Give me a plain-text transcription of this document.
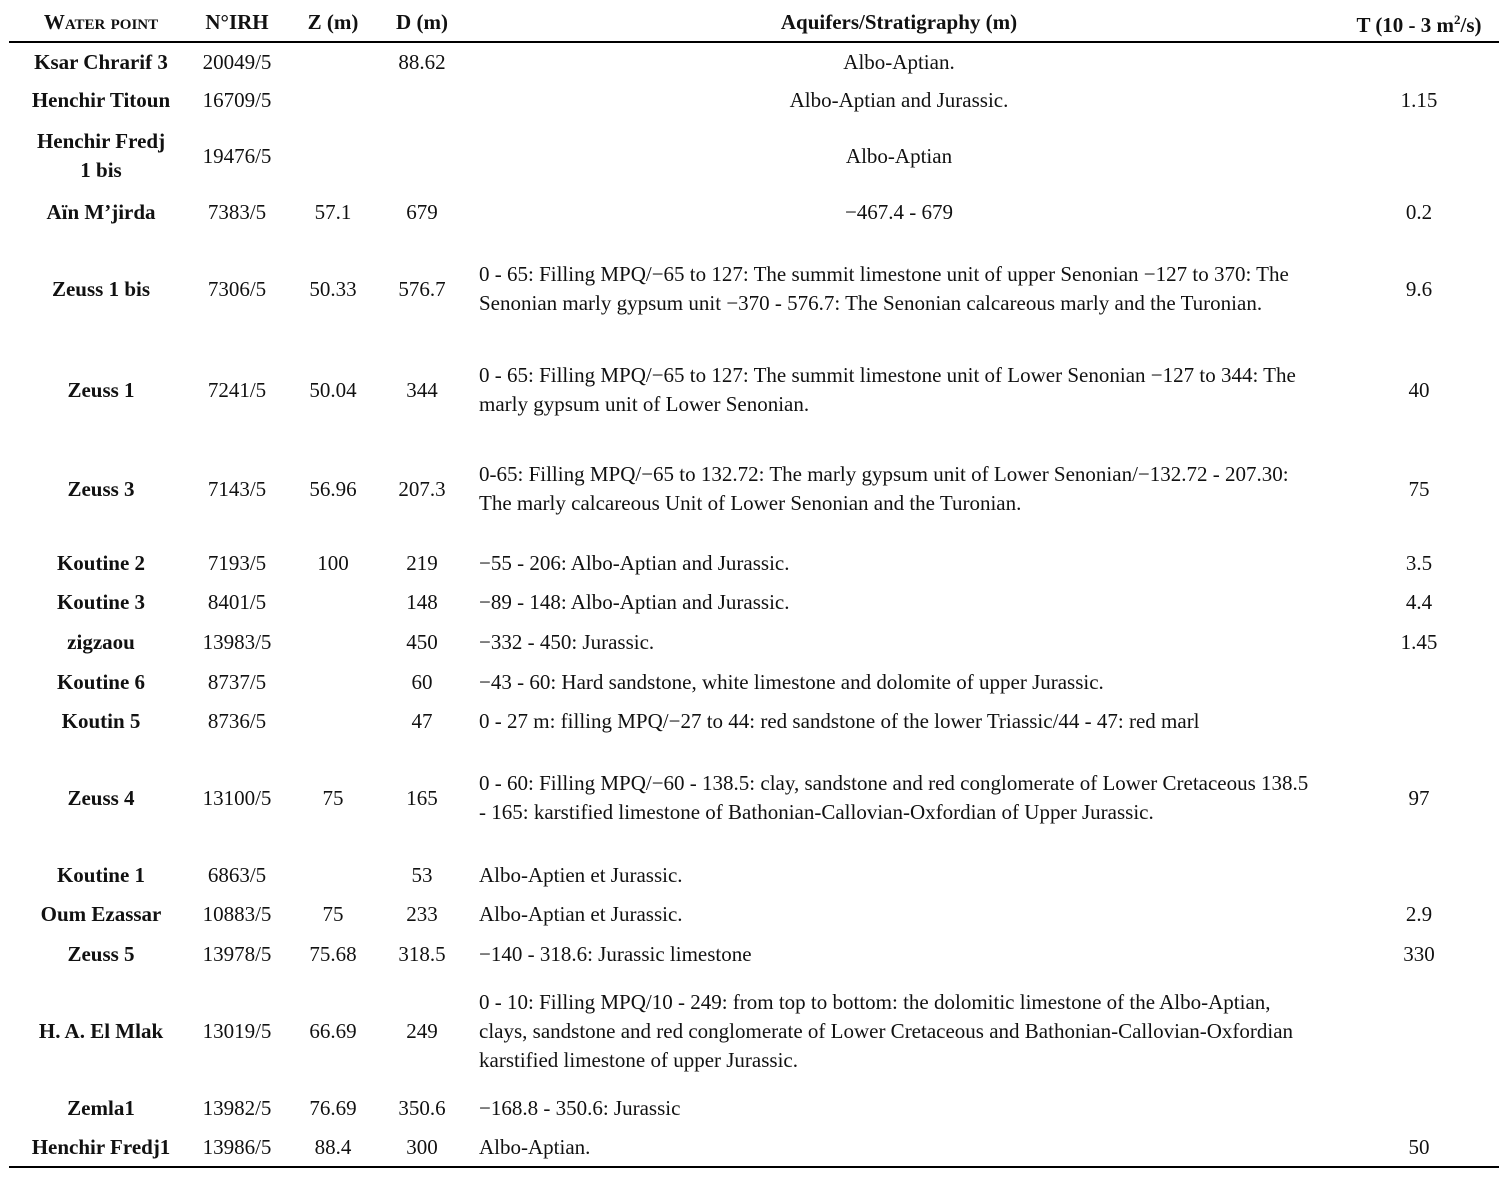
Water point	N°IRH	Z (m)	D (m)	Aquifers/Stratigraphy (m)	T (10 - 3 $m^2/s$)
Ksar Chrarif 3	20049/5		88.62	Albo-Aptian.	
Henchir Titoun	16709/5			Albo-Aptian and Jurassic.	1.15
Henchir Fredj 1 bis	19476/5			Albo-Aptian	
Aïn M’jirda	7383/5	57.1	679	−467.4 - 679	0.2
Zeuss 1 bis	7306/5	50.33	576.7	0 - 65: Filling MPQ/−65 to 127: The summit limestone unit of upper Senonian −127 to 370: The Senonian marly gypsum unit −370 - 576.7: The Senonian calcareous marly and the Turonian.	9.6
Zeuss 1	7241/5	50.04	344	0 - 65: Filling MPQ/−65 to 127: The summit limestone unit of Lower Senonian −127 to 344: The marly gypsum unit of Lower Senonian.	40
Zeuss 3	7143/5	56.96	207.3	0-65: Filling MPQ/−65 to 132.72: The marly gypsum unit of Lower Senonian/−132.72 - 207.30: The marly calcareous Unit of Lower Senonian and the Turonian.	75
Koutine 2	7193/5	100	219	−55 - 206: Albo-Aptian and Jurassic.	3.5
Koutine 3	8401/5		148	−89 - 148: Albo-Aptian and Jurassic.	4.4
zigzaou	13983/5		450	−332 - 450: Jurassic.	1.45
Koutine 6	8737/5		60	−43 - 60: Hard sandstone, white limestone and dolomite of upper Jurassic.	
Koutin 5	8736/5		47	0 - 27 m: filling MPQ/−27 to 44: red sandstone of the lower Triassic/44 - 47: red marl	
Zeuss 4	13100/5	75	165	0 - 60: Filling MPQ/−60 - 138.5: clay, sandstone and red conglomerate of Lower Cretaceous 138.5 - 165: karstified limestone of Bathonian-Callovian-Oxfordian of Upper Jurassic.	97
Koutine 1	6863/5		53	Albo-Aptien et Jurassic.	
Oum Ezassar	10883/5	75	233	Albo-Aptian et Jurassic.	2.9
Zeuss 5	13978/5	75.68	318.5	−140 - 318.6: Jurassic limestone	330
H. A. El Mlak	13019/5	66.69	249	0 - 10: Filling MPQ/10 - 249: from top to bottom: the dolomitic limestone of the Albo-Aptian, clays, sandstone and red conglomerate of Lower Cretaceous and Bathonian-Callovian-Oxfordian karstified limestone of upper Jurassic.	
Zemla1	13982/5	76.69	350.6	−168.8 - 350.6: Jurassic	
Henchir Fredj1	13986/5	88.4	300	Albo-Aptian.	50
